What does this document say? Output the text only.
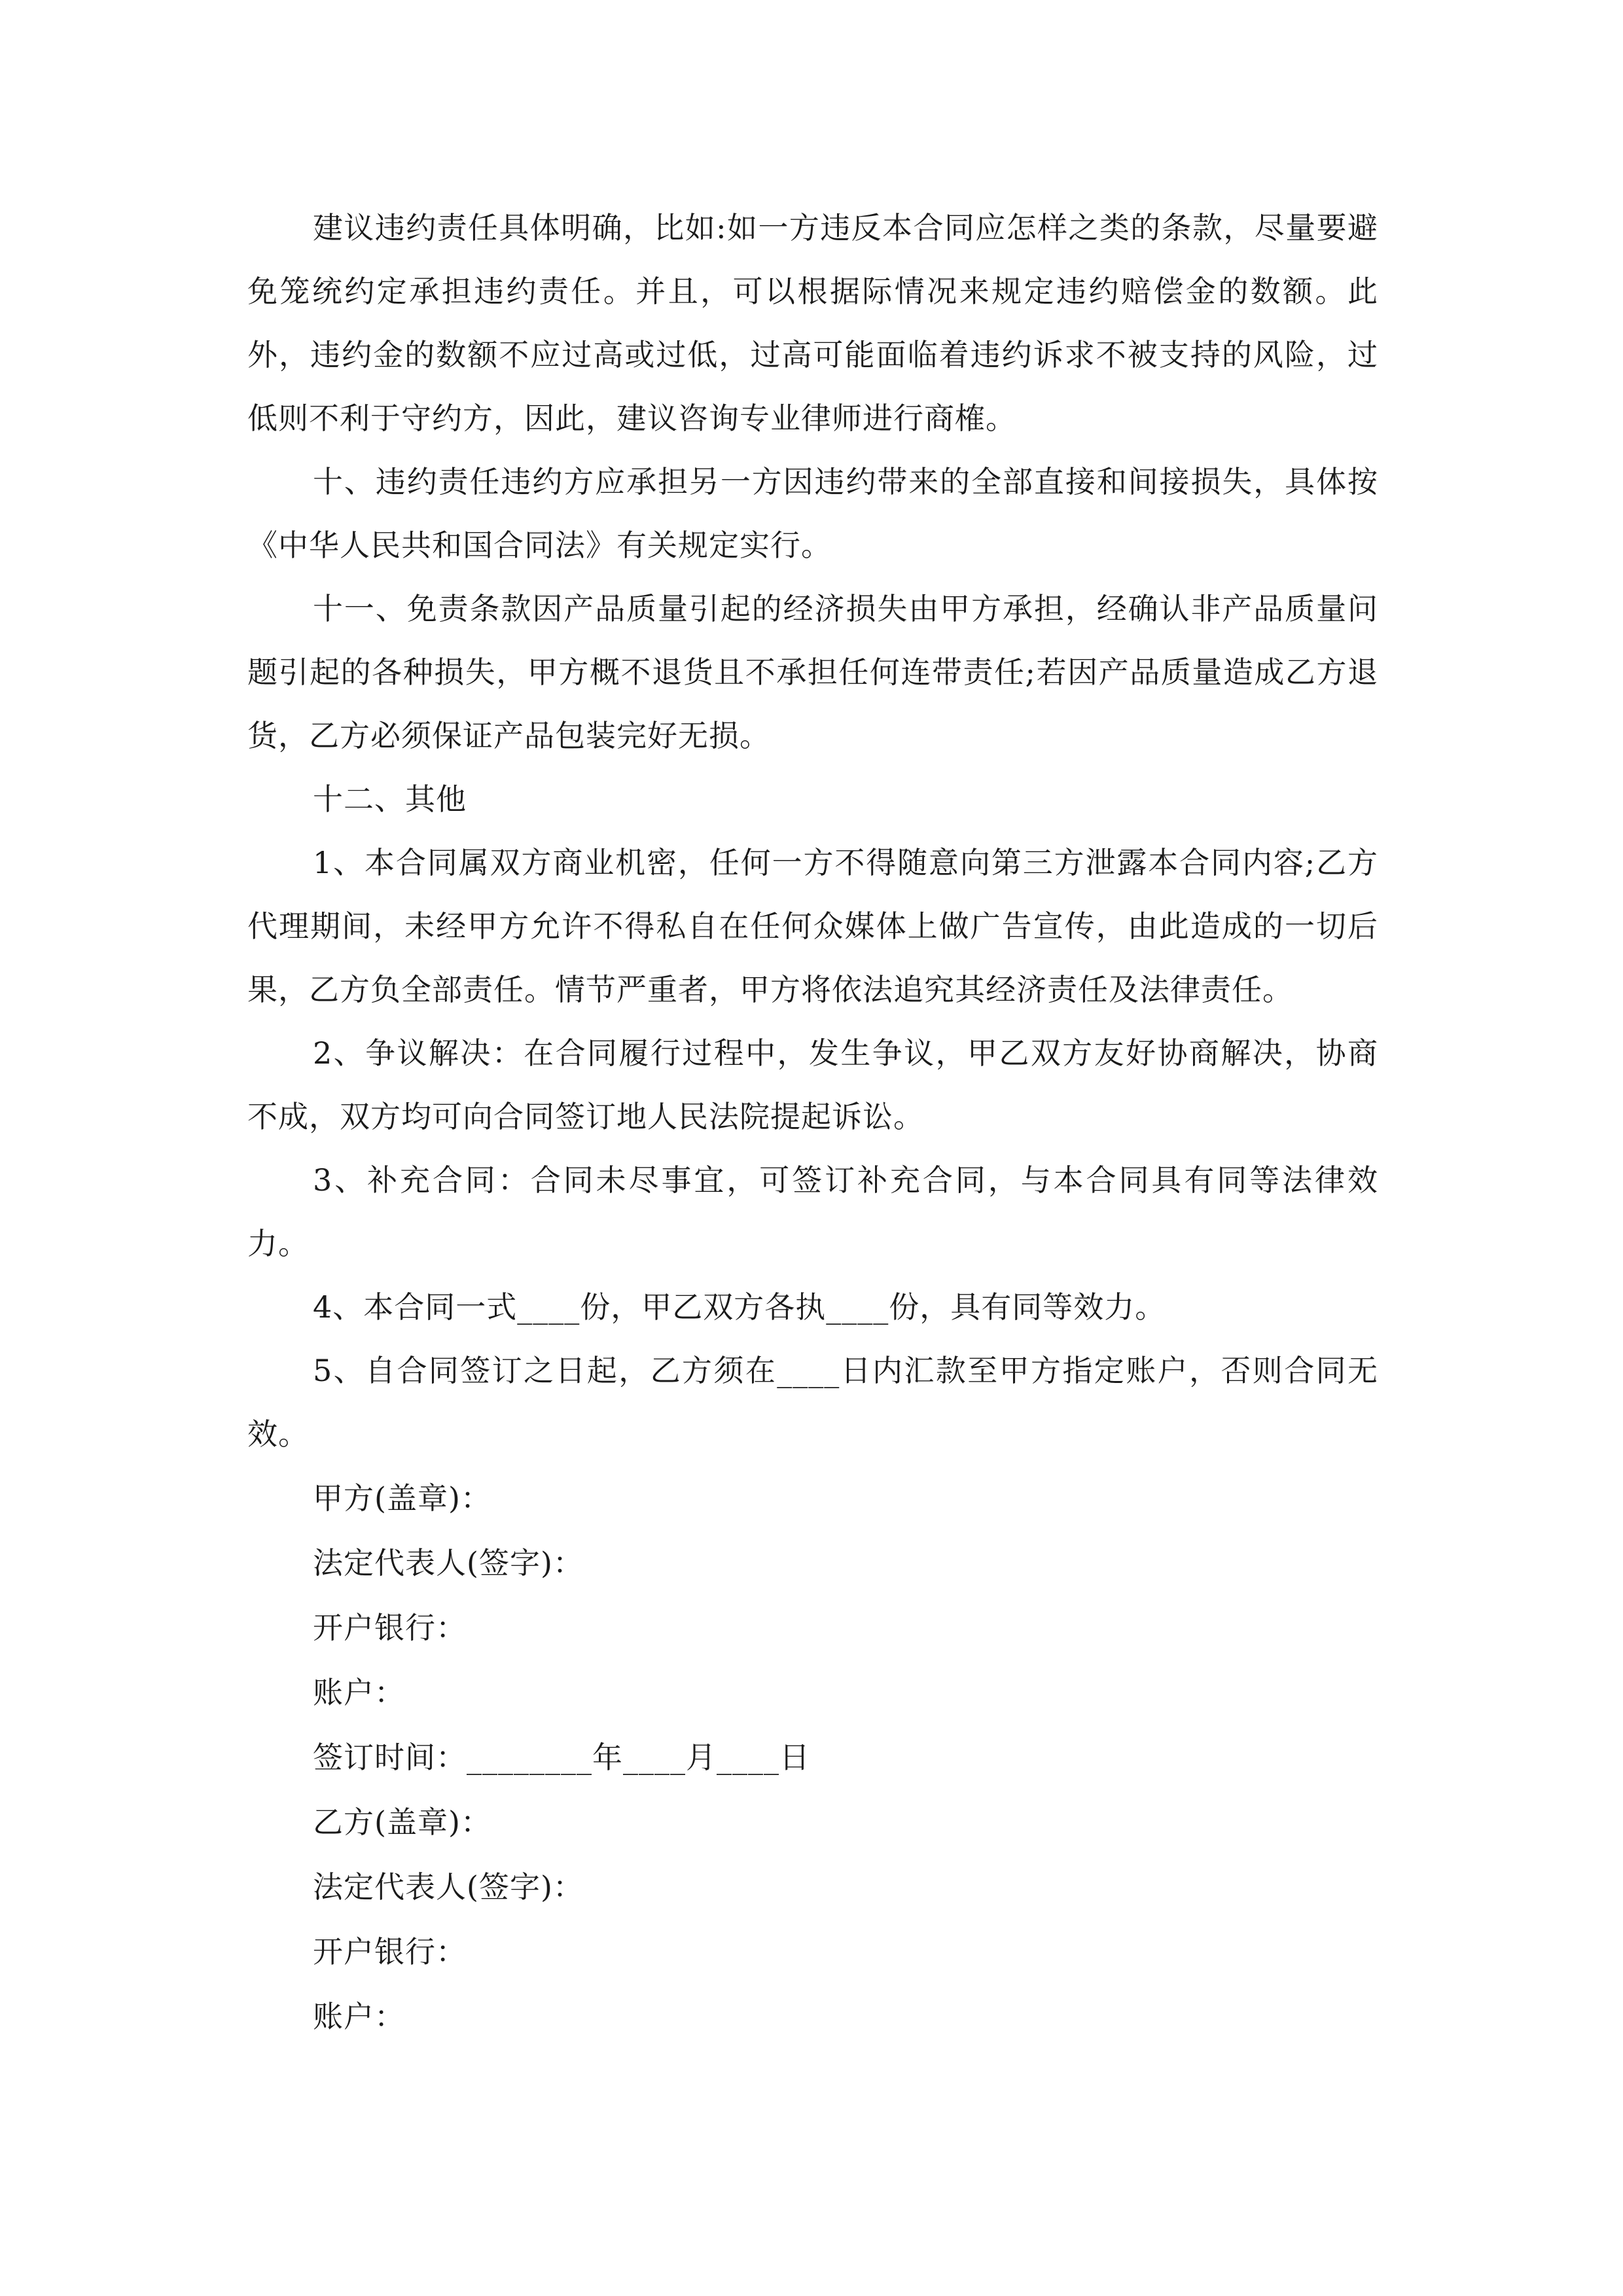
建议违约责任具体明确，比如:如一方违反本合同应怎样之类的条款，尽量要避免笼统约定承担违约责任。并且，可以根据际情况来规定违约赔偿金的数额。此外，违约金的数额不应过高或过低，过高可能面临着违约诉求不被支持的风险，过低则不利于守约方，因此，建议咨询专业律师进行商榷。

十、违约责任违约方应承担另一方因违约带来的全部直接和间接损失，具体按《中华人民共和国合同法》有关规定实行。

十一、免责条款因产品质量引起的经济损失由甲方承担，经确认非产品质量问题引起的各种损失，甲方概不退货且不承担任何连带责任;若因产品质量造成乙方退货，乙方必须保证产品包装完好无损。

十二、其他

1、本合同属双方商业机密，任何一方不得随意向第三方泄露本合同内容;乙方代理期间，未经甲方允许不得私自在任何众媒体上做广告宣传，由此造成的一切后果，乙方负全部责任。情节严重者，甲方将依法追究其经济责任及法律责任。

2、争议解决：在合同履行过程中，发生争议，甲乙双方友好协商解决，协商不成，双方均可向合同签订地人民法院提起诉讼。

3、补充合同：合同未尽事宜，可签订补充合同，与本合同具有同等法律效力。

4、本合同一式____份，甲乙双方各执____份，具有同等效力。

5、自合同签订之日起，乙方须在____日内汇款至甲方指定账户，否则合同无效。

甲方(盖章)：

法定代表人(签字)：

开户银行：

账户：

签订时间：________年____月____日

乙方(盖章)：

法定代表人(签字)：

开户银行：

账户：
